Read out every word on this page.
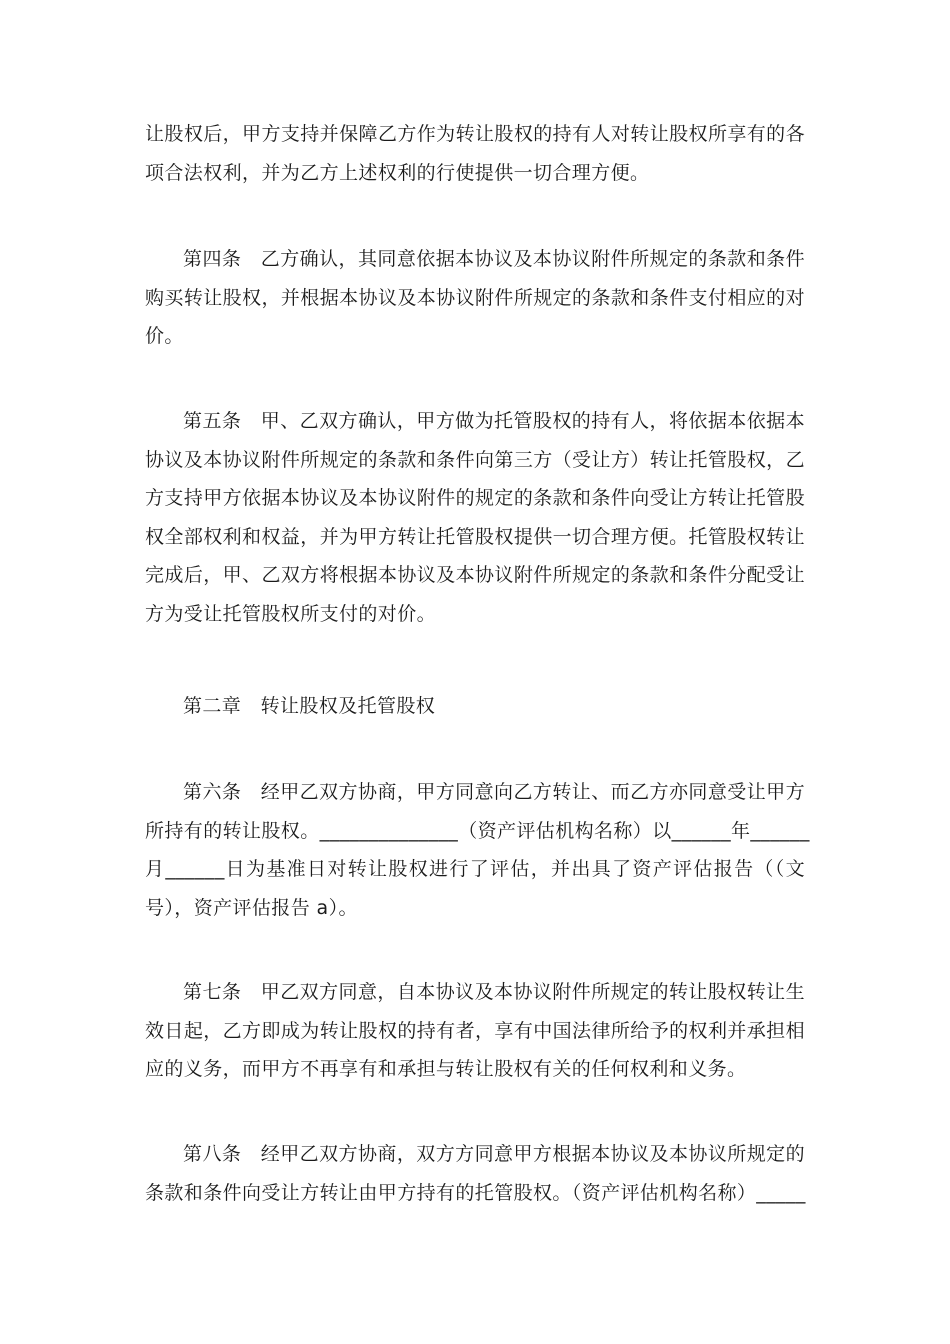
让股权后，甲方支持并保障乙方作为转让股权的持有人对转让股权所享有的各
项合法权利，并为乙方上述权利的行使提供一切合理方便。
第四条　乙方确认，其同意依据本协议及本协议附件所规定的条款和条件
购买转让股权，并根据本协议及本协议附件所规定的条款和条件支付相应的对
价。
第五条　甲、乙双方确认，甲方做为托管股权的持有人，将依据本依据本
协议及本协议附件所规定的条款和条件向第三方（受让方）转让托管股权，乙
方支持甲方依据本协议及本协议附件的规定的条款和条件向受让方转让托管股
权全部权利和权益，并为甲方转让托管股权提供一切合理方便。托管股权转让
完成后，甲、乙双方将根据本协议及本协议附件所规定的条款和条件分配受让
方为受让托管股权所支付的对价。
第二章　转让股权及托管股权
第六条　经甲乙双方协商，甲方同意向乙方转让、而乙方亦同意受让甲方
所持有的转让股权。______________（资产评估机构名称）以______年______
月______日为基准日对转让股权进行了评估，并出具了资产评估报告（（文
号），资产评估报告 a）。
第七条　甲乙双方同意，自本协议及本协议附件所规定的转让股权转让生
效日起，乙方即成为转让股权的持有者，享有中国法律所给予的权利并承担相
应的义务，而甲方不再享有和承担与转让股权有关的任何权利和义务。
第八条　经甲乙双方协商，双方方同意甲方根据本协议及本协议所规定的
条款和条件向受让方转让由甲方持有的托管股权。（资产评估机构名称）_____
